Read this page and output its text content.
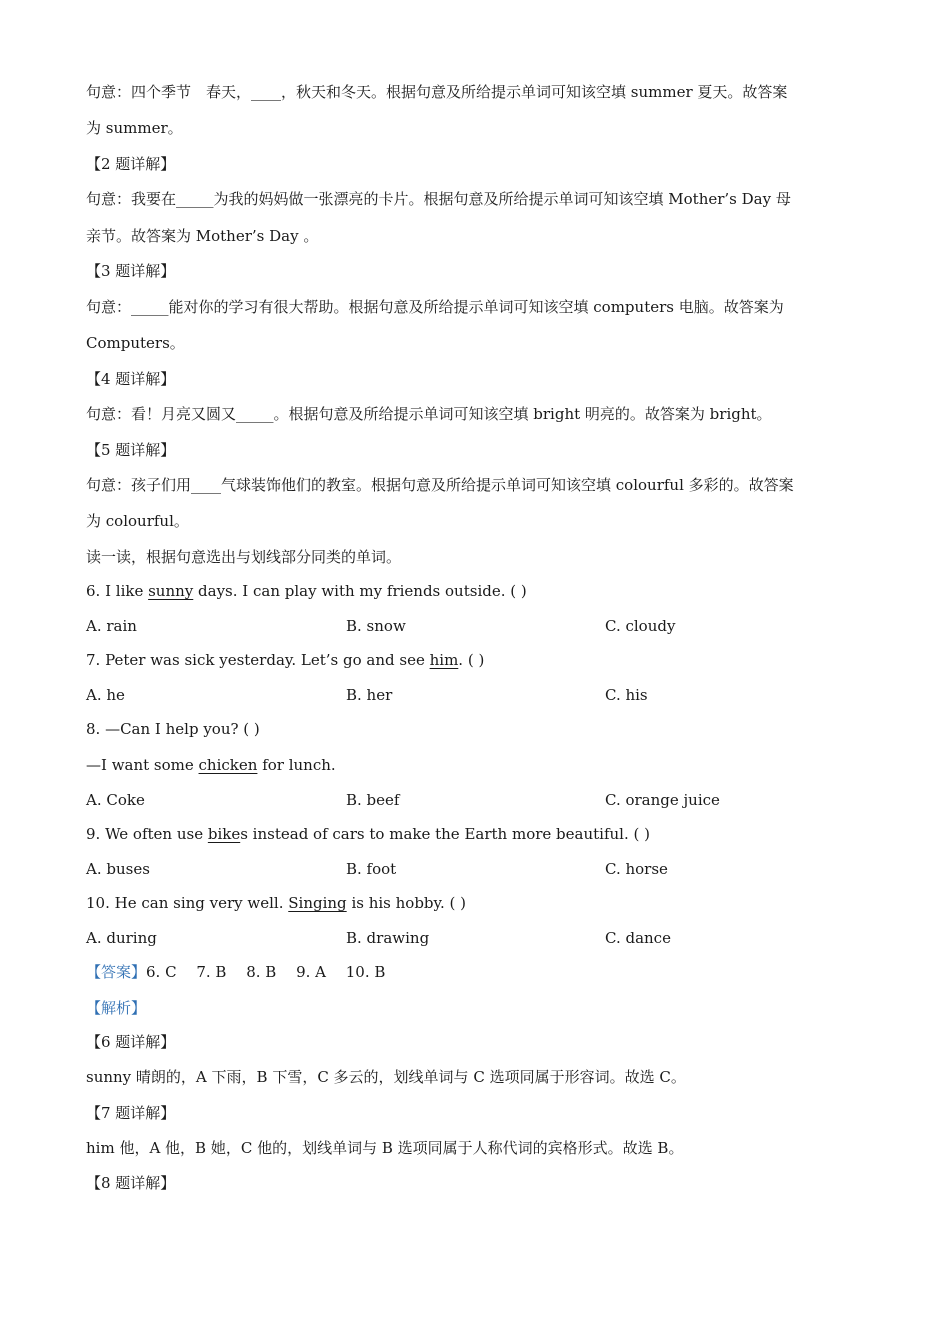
句意：四个季节　春天，____，秋天和冬天。根据句意及所给提示单词可知该空填 summer 夏天。故答案
为 summer。
【2 题详解】
句意：我要在_____为我的妈妈做一张漂亮的卡片。根据句意及所给提示单词可知该空填 Mother’s Day 母
亲节。故答案为 Mother’s Day 。
【3 题详解】
句意：_____能对你的学习有很大帮助。根据句意及所给提示单词可知该空填 computers 电脑。故答案为
Computers。
【4 题详解】
句意：看！月亮又圆又_____。根据句意及所给提示单词可知该空填 bright 明亮的。故答案为 bright。
【5 题详解】
句意：孩子们用____气球装饰他们的教室。根据句意及所给提示单词可知该空填 colourful 多彩的。故答案
为 colourful。
读一读，根据句意选出与划线部分同类的单词。
6. I like sunny days. I can play with my friends outside. ( )
A. rain	B. snow	C. cloudy
7. Peter was sick yesterday. Let’s go and see him. ( )
A. he	B. her	C. his
8. —Can I help you? ( )
—I want some chicken for lunch.
A. Coke	B. beef	C. orange juice
9. We often use bikes instead of cars to make the Earth more beautiful. ( )
A. buses	B. foot	C. horse
10. He can sing very well. Singing is his hobby. ( )
A. during	B. drawing	C. dance
【答案】6. C　 7. B　 8. B　 9. A　 10. B
【解析】
【6 题详解】
sunny 晴朗的，A 下雨，B 下雪，C 多云的，划线单词与 C 选项同属于形容词。故选 C。
【7 题详解】
him 他，A 他，B 她，C 他的，划线单词与 B 选项同属于人称代词的宾格形式。故选 B。
【8 题详解】
